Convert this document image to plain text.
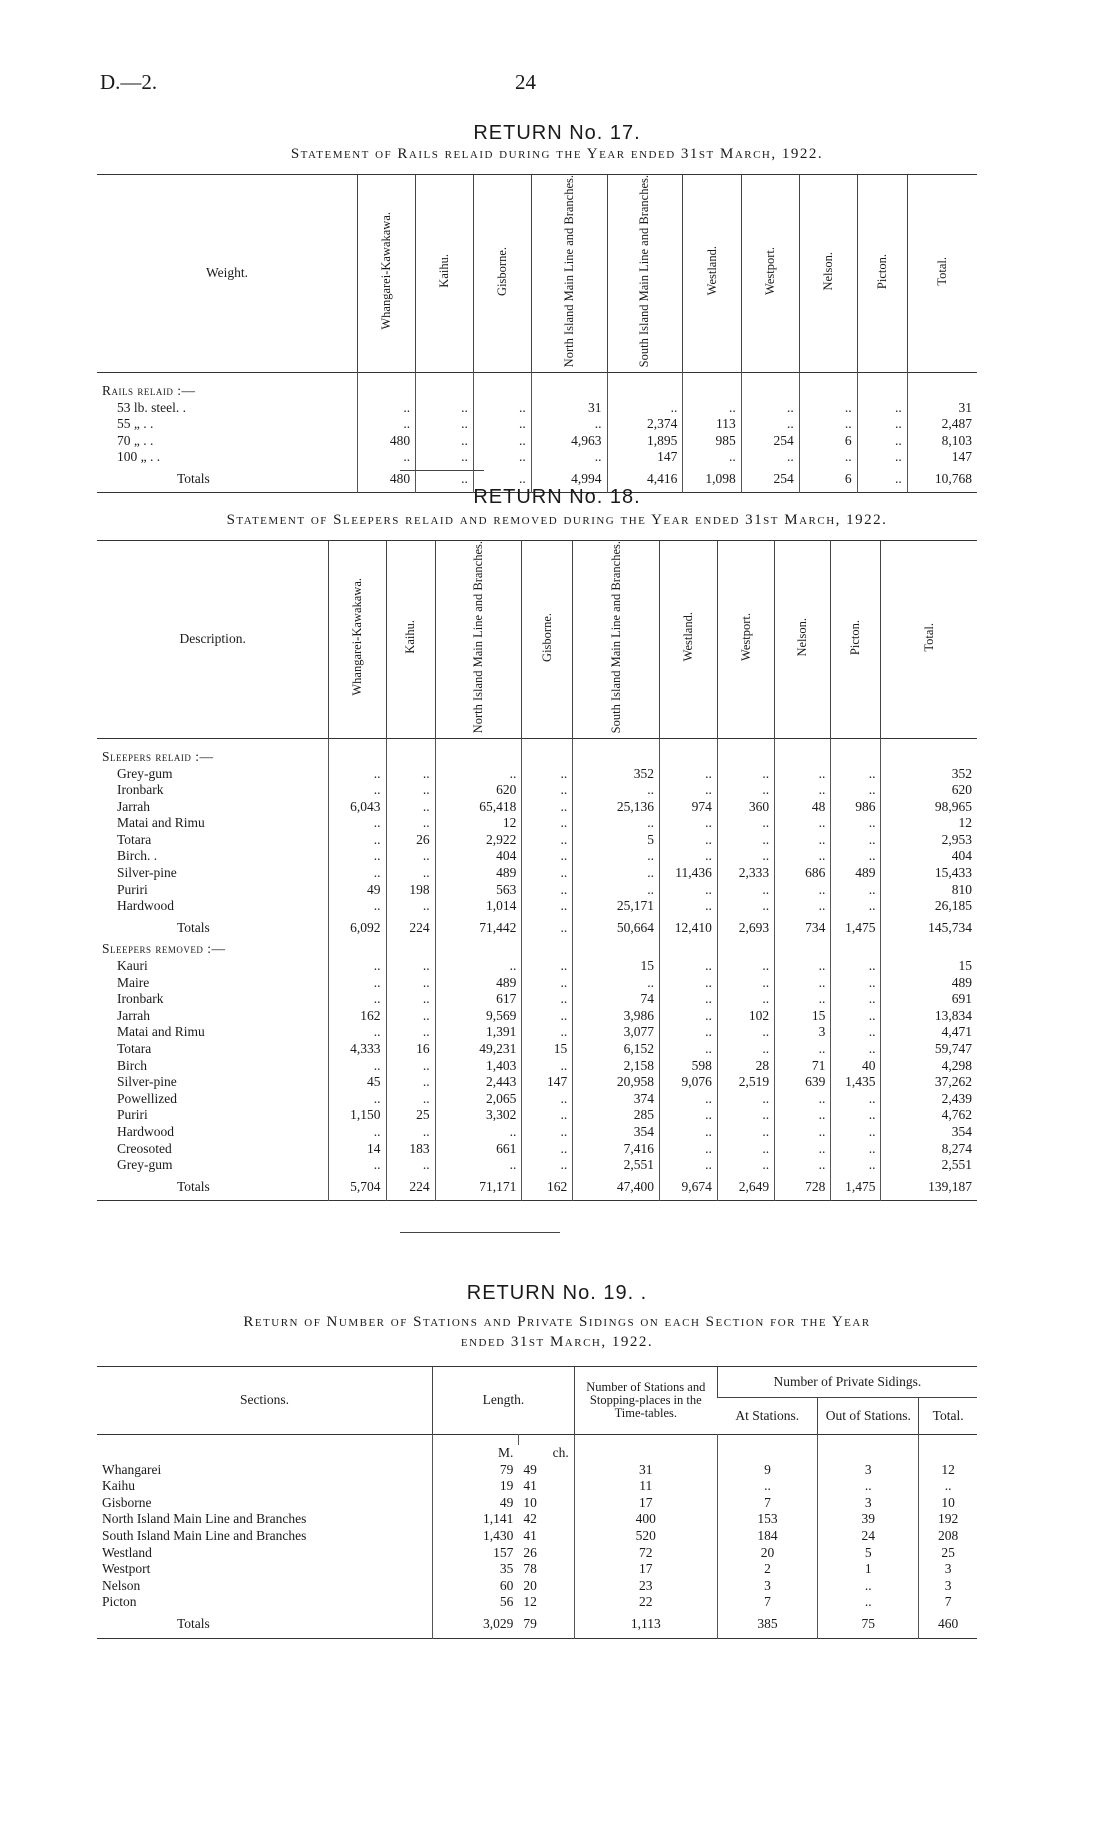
D.—2.	24
RETURN No. 17.
Statement of Rails relaid during the Year ended 31st March, 1922.
Weight.	Whangarei-Kawakawa.	Kaihu.	Gisborne.	North Island Main Line and Branches.	South Island Main Line and Branches.	Westland.	Westport.	Nelson.	Picton.	Total.

Rails relaid :—										
53 lb. steel. .	..	..	..	31	..	..	..	..	..	31
55 „ . .	..	..	..	..	2,374	113	..	..	..	2,487
70 „ . .	480	..	..	4,963	1,895	985	254	6	..	8,103
100 „ . .	..	..	..	..	147	..	..	..	..	147
Totals	480	..	..	4,994	4,416	1,098	254	6	..	10,768
RETURN No. 18.
Statement of Sleepers relaid and removed during the Year ended 31st March, 1922.
Description.	Whangarei-Kawakawa.	Kaihu.	North Island Main Line and Branches.	Gisborne.	South Island Main Line and Branches.	Westland.	Westport.	Nelson.	Picton.	Total.

Sleepers relaid :—										
Grey-gum	..	..	..	..	352	..	..	..	..	352
Ironbark	..	..	620	..	..	..	..	..	..	620
Jarrah	6,043	..	65,418	..	25,136	974	360	48	986	98,965
Matai and Rimu	..	..	12	..	..	..	..	..	..	12
Totara	..	26	2,922	..	5	..	..	..	..	2,953
Birch. .	..	..	404	..	..	..	..	..	..	404
Silver-pine	..	..	489	..	..	11,436	2,333	686	489	15,433
Puriri	49	198	563	..	..	..	..	..	..	810
Hardwood	..	..	1,014	..	25,171	..	..	..	..	26,185
Totals	6,092	224	71,442	..	50,664	12,410	2,693	734	1,475	145,734
Sleepers removed :—										
Kauri	..	..	..	..	15	..	..	..	..	15
Maire	..	..	489	..	..	..	..	..	..	489
Ironbark	..	..	617	..	74	..	..	..	..	691
Jarrah	162	..	9,569	..	3,986	..	102	15	..	13,834
Matai and Rimu	..	..	1,391	..	3,077	..	..	3	..	4,471
Totara	4,333	16	49,231	15	6,152	..	..	..	..	59,747
Birch	..	..	1,403	..	2,158	598	28	71	40	4,298
Silver-pine	45	..	2,443	147	20,958	9,076	2,519	639	1,435	37,262
Powellized	..	..	2,065	..	374	..	..	..	..	2,439
Puriri	1,150	25	3,302	..	285	..	..	..	..	4,762
Hardwood	..	..	..	..	354	..	..	..	..	354
Creosoted	14	183	661	..	7,416	..	..	..	..	8,274
Grey-gum	..	..	..	..	2,551	..	..	..	..	2,551
Totals	5,704	224	71,171	162	47,400	9,674	2,649	728	1,475	139,187
RETURN No. 19. .
Return of Number of Stations and Private Sidings on each Section for the Year
ended 31st March, 1922.
Sections.	Length.		Number of Stations and Stopping-places in the Time-tables.	Number of Private Sidings.		
				At Stations.	Out of Stations.	Total.

	M.	ch.				
Whangarei	79	49	31	9	3	12
Kaihu	19	41	11	..	..	..
Gisborne	49	10	17	7	3	10
North Island Main Line and Branches	1,141	42	400	153	39	192
South Island Main Line and Branches	1,430	41	520	184	24	208
Westland	157	26	72	20	5	25
Westport	35	78	17	2	1	3
Nelson	60	20	23	3	..	3
Picton	56	12	22	7	..	7
Totals	3,029	79	1,113	385	75	460
